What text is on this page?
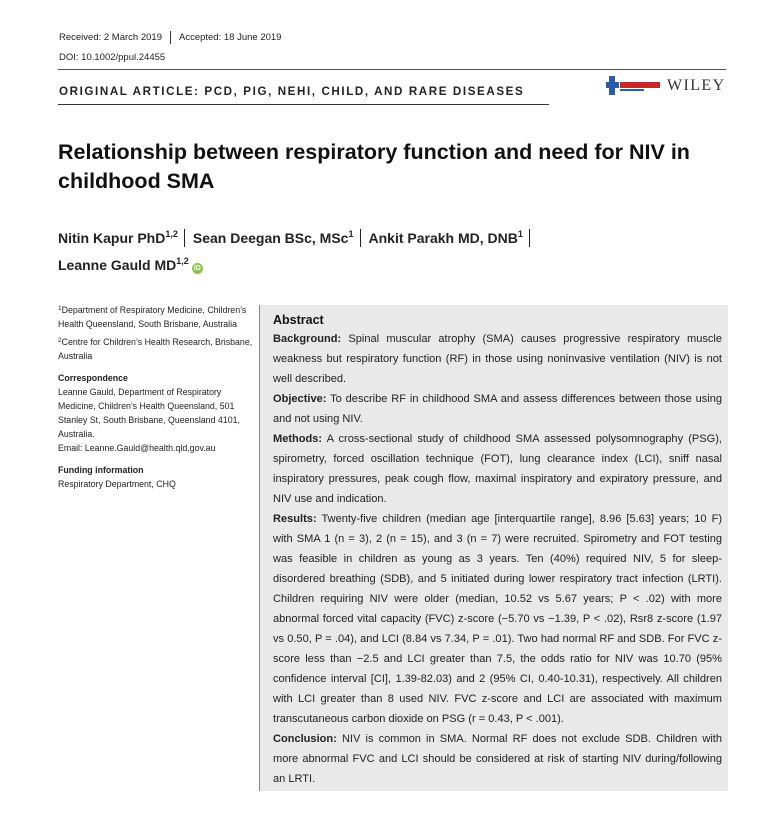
Received: 2 March 2019 Accepted: 18 June 2019
DOI: 10.1002/ppul.24455
ORIGINAL ARTICLE: PCD, PIG, NEHI, CHILD, AND RARE DISEASES	WILEY
Relationship between respiratory function and need for NIV in childhood SMA
Nitin Kapur PhD$^{1,2}$ Sean Deegan BSc, MSc$^1$ Ankit Parakh MD, DNB$^1$
Leanne Gauld MD$^{1,2}$iD

$^1$Department of Respiratory Medicine, Children’s Health Queensland, South Brisbane, Australia

$^2$Centre for Children’s Health Research, Brisbane, Australia

Correspondence

Leanne Gauld, Department of Respiratory Medicine, Children’s Health Queensland, 501 Stanley St, South Brisbane, Queensland 4101, Australia.

Email: Leanne.Gauld@health.qld.gov.au

Funding information

Respiratory Department, CHQ

Abstract

Background: Spinal muscular atrophy (SMA) causes progressive respiratory muscle weakness but respiratory function (RF) in those using noninvasive ventilation (NIV) is not well described.

Objective: To describe RF in childhood SMA and assess differences between those using and not using NIV.

Methods: A cross-sectional study of childhood SMA assessed polysomnography (PSG), spirometry, forced oscillation technique (FOT), lung clearance index (LCI), sniff nasal inspiratory pressures, peak cough flow, maximal inspiratory and expiratory pressure, and NIV use and indication.

Results: Twenty-five children (median age [interquartile range], 8.96 [5.63] years; 10 F) with SMA 1 (n = 3), 2 (n = 15), and 3 (n = 7) were recruited. Spirometry and FOT testing was feasible in children as young as 3 years. Ten (40%) required NIV, 5 for sleep-disordered breathing (SDB), and 5 initiated during lower respiratory tract infection (LRTI). Children requiring NIV were older (median, 10.52 vs 5.67 years; P < .02) with more abnormal forced vital capacity (FVC) z-score (−5.70 vs −1.39, P < .02), Rsr8 z-score (1.97 vs 0.50, P = .04), and LCI (8.84 vs 7.34, P = .01). Two had normal RF and SDB. For FVC z-score less than −2.5 and LCI greater than 7.5, the odds ratio for NIV was 10.70 (95% confidence interval [CI], 1.39-82.03) and 2 (95% CI, 0.40-10.31), respectively. All children with LCI greater than 8 used NIV. FVC z-score and LCI are associated with maximum transcutaneous carbon dioxide on PSG (r = 0.43, P < .001).

Conclusion: NIV is common in SMA. Normal RF does not exclude SDB. Children with more abnormal FVC and LCI should be considered at risk of starting NIV during/following an LRTI.
